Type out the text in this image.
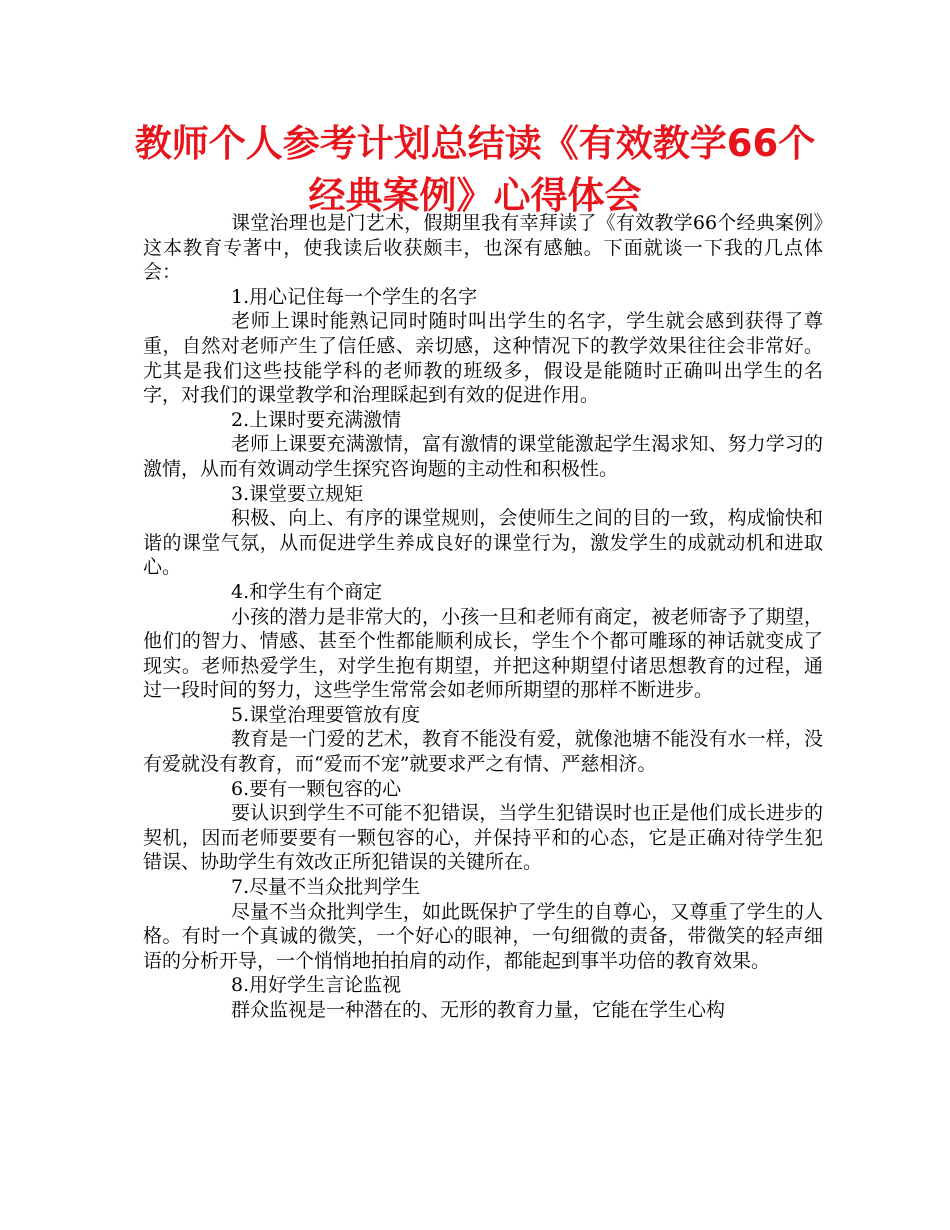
教师个人参考计划总结读《有效教学66个经典案例》心得体会

课堂治理也是门艺术，假期里我有幸拜读了《有效教学66个经典案例》这本教育专著中，使我读后收获颇丰，也深有感触。下面就谈一下我的几点体会：

1.用心记住每一个学生的名字

老师上课时能熟记同时随时叫出学生的名字，学生就会感到获得了尊重，自然对老师产生了信任感、亲切感，这种情况下的教学效果往往会非常好。尤其是我们这些技能学科的老师教的班级多，假设是能随时正确叫出学生的名字，对我们的课堂教学和治理睬起到有效的促进作用。

2.上课时要充满激情

老师上课要充满激情，富有激情的课堂能激起学生渴求知、努力学习的激情，从而有效调动学生探究咨询题的主动性和积极性。

3.课堂要立规矩

积极、向上、有序的课堂规则，会使师生之间的目的一致，构成愉快和谐的课堂气氛，从而促进学生养成良好的课堂行为，激发学生的成就动机和进取心。

4.和学生有个商定

小孩的潜力是非常大的，小孩一旦和老师有商定，被老师寄予了期望，他们的智力、情感、甚至个性都能顺利成长，学生个个都可雕琢的神话就变成了现实。老师热爱学生，对学生抱有期望，并把这种期望付诸思想教育的过程，通过一段时间的努力，这些学生常常会如老师所期望的那样不断进步。

5.课堂治理要管放有度

教育是一门爱的艺术，教育不能没有爱，就像池塘不能没有水一样，没有爱就没有教育，而“爱而不宠”就要求严之有情、严慈相济。

6.要有一颗包容的心

要认识到学生不可能不犯错误，当学生犯错误时也正是他们成长进步的契机，因而老师要要有一颗包容的心，并保持平和的心态，它是正确对待学生犯错误、协助学生有效改正所犯错误的关键所在。

7.尽量不当众批判学生

尽量不当众批判学生，如此既保护了学生的自尊心，又尊重了学生的人格。有时一个真诚的微笑，一个好心的眼神，一句细微的责备，带微笑的轻声细语的分析开导，一个悄悄地拍拍肩的动作，都能起到事半功倍的教育效果。

8.用好学生言论监视

群众监视是一种潜在的、无形的教育力量，它能在学生心构
